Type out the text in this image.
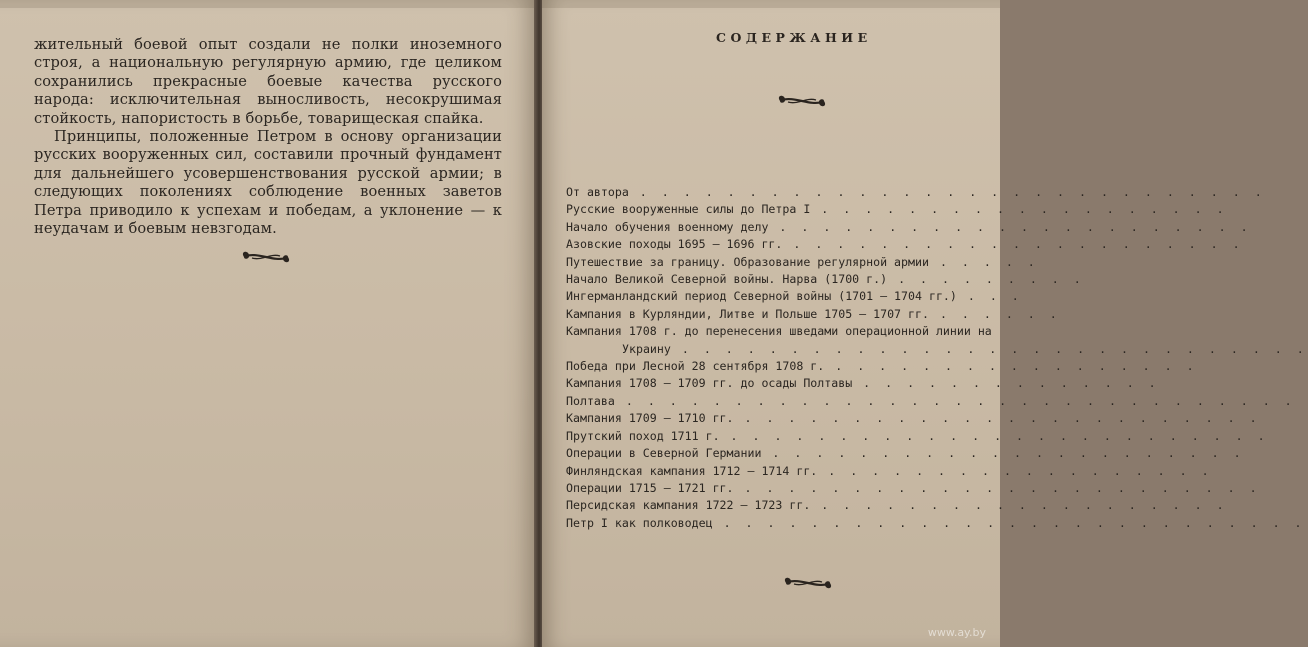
жительный боевой опыт создали не полки иноземного строя, а национальную регулярную армию, где целиком сохранились прекрасные боевые качества русского народа: исключительная выносливость, несокрушимая стойкость, напористость в борьбе, товарищеская спайка.

Принципы, положенные Петром в основу организации русских вооруженных сил, составили прочный фундамент для дальнейшего усовершенствования русской армии; в следующих поколениях соблюдение военных заветов Петра приводило к успехам и победам, а уклонение — к неудачам и боевым невзгодам.

СОДЕРЖАНИЕ
От автора . . . . . . . . . . . . . . . . . . . . . . . . . . . . .
Русские вооруженные силы до Петра I . . . . . . . . . . . . . . . . . . .
Начало обучения военному делу . . . . . . . . . . . . . . . . . . . . . .
Азовские походы 1695 — 1696 гг. . . . . . . . . . . . . . . . . . . . . .
Путешествие за границу. Образование регулярной армии . . . . .
Начало Великой Северной войны. Нарва (1700 г.) . . . . . . . . .
Ингерманландский период Северной войны (1701 — 1704 гг.) . . .
Кампания в Курляндии, Литве и Польше 1705 — 1707 гг. . . . . . .
Кампания 1708 г. до перенесения шведами операционной линии на
Украину . . . . . . . . . . . . . . . . . . . . . . . . . . . . .
Победа при Лесной 28 сентября 1708 г. . . . . . . . . . . . . . . . . .
Кампания 1708 — 1709 гг. до осады Полтавы . . . . . . . . . . . . . .
Полтава . . . . . . . . . . . . . . . . . . . . . . . . . . . . . . .
Кампания 1709 — 1710 гг. . . . . . . . . . . . . . . . . . . . . . . . .
Прутский поход 1711 г. . . . . . . . . . . . . . . . . . . . . . . . . .
Операции в Северной Германии . . . . . . . . . . . . . . . . . . . . . .
Финляндская кампания 1712 — 1714 гг. . . . . . . . . . . . . . . . . . .
Операции 1715 — 1721 гг. . . . . . . . . . . . . . . . . . . . . . . . .
Персидская кампания 1722 — 1723 гг. . . . . . . . . . . . . . . . . . . .
Петр I как полководец . . . . . . . . . . . . . . . . . . . . . . . . . . .
www.ay.by
